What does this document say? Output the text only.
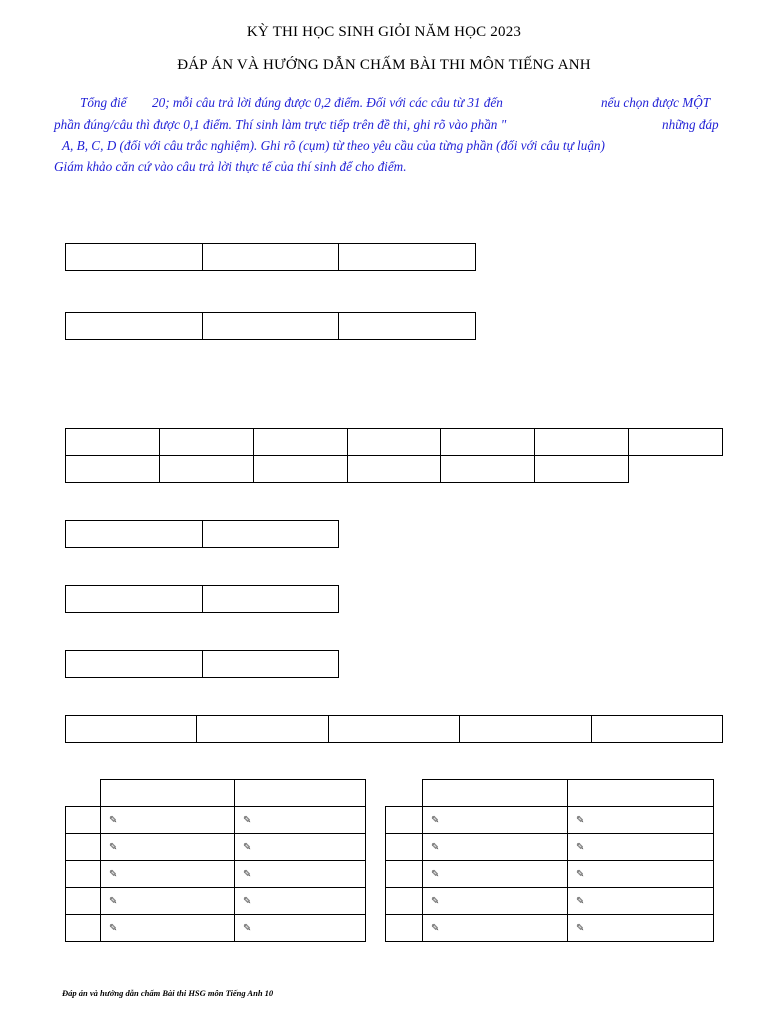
KỲ THI HỌC SINH GIỎI NĂM HỌC 2023
ĐÁP ÁN VÀ HƯỚNG DẪN CHẤM BÀI THI MÔN TIẾNG ANH
Tổng điể 20; mỗi câu trả lời đúng được 0,2 điểm. Đối với các câu từ 31 đến	nếu chọn được MỘT
phần đúng/câu thì được 0,1 điểm. Thí sinh làm trực tiếp trên đề thi, ghi rõ vào phần "	những đáp
A, B, C, D (đối với câu trắc nghiệm). Ghi rõ (cụm) từ theo yêu cầu của từng phần (đối với câu tự luận)
Giám khảo căn cứ vào câu trả lời thực tế của thí sinh để cho điểm.

	✎	✎
	✎	✎
	✎	✎
	✎	✎
	✎	✎

	✎	✎
	✎	✎
	✎	✎
	✎	✎
	✎	✎
Đáp án và hướng dẫn chấm Bài thi HSG môn Tiếng Anh 10
